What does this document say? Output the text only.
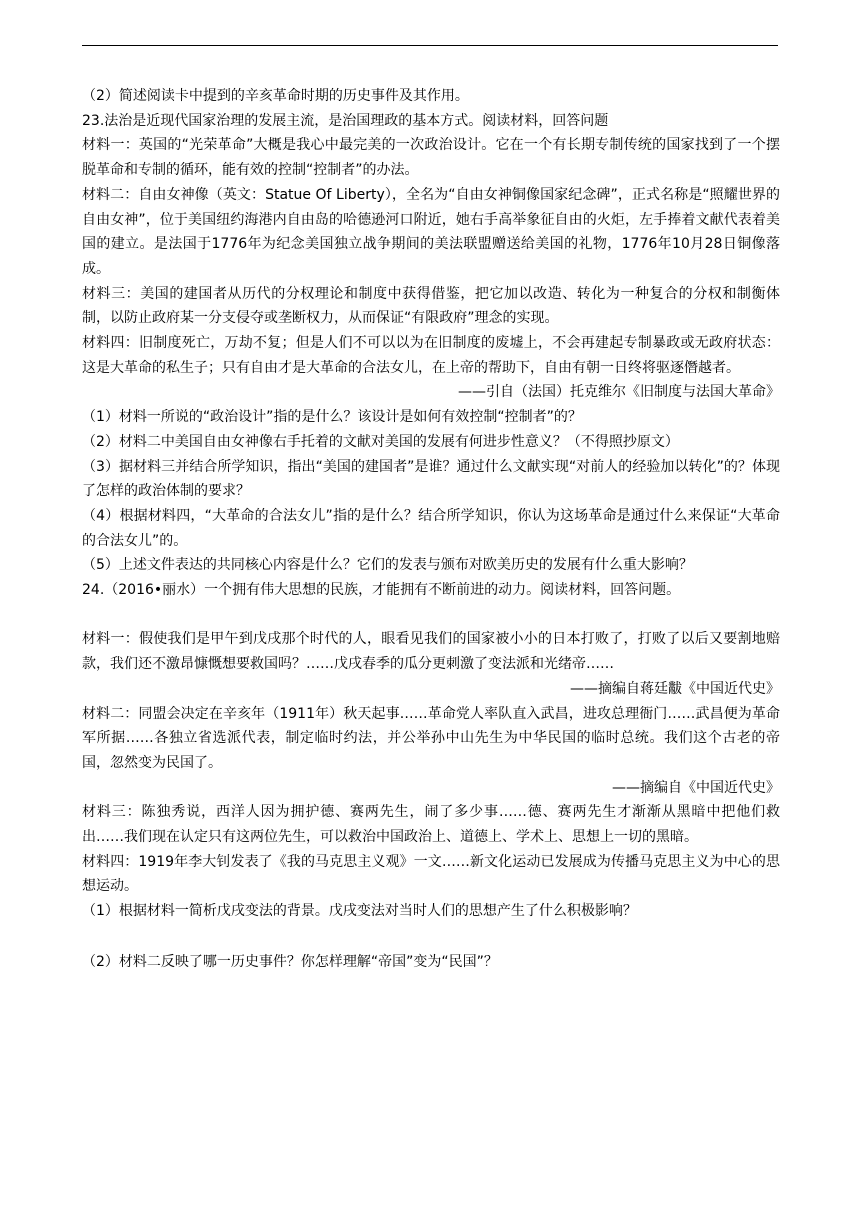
（2）简述阅读卡中提到的辛亥革命时期的历史事件及其作用。

23.法治是近现代国家治理的发展主流，是治国理政的基本方式。阅读材料，回答问题

材料一：英国的“光荣革命”大概是我心中最完美的一次政治设计。它在一个有长期专制传统的国家找到了一个摆脱革命和专制的循环，能有效的控制“控制者”的办法。

材料二：自由女神像（英文：Statue Of Liberty），全名为“自由女神铜像国家纪念碑”，正式名称是“照耀世界的自由女神”，位于美国纽约海港内自由岛的哈德逊河口附近，她右手高举象征自由的火炬，左手捧着文献代表着美国的建立。是法国于1776年为纪念美国独立战争期间的美法联盟赠送给美国的礼物，1776年10月28日铜像落成。

材料三：美国的建国者从历代的分权理论和制度中获得借鉴，把它加以改造、转化为一种复合的分权和制衡体制，以防止政府某一分支侵夺或垄断权力，从而保证“有限政府”理念的实现。

材料四：旧制度死亡，万劫不复；但是人们不可以以为在旧制度的废墟上，不会再建起专制暴政或无政府状态：这是大革命的私生子；只有自由才是大革命的合法女儿，在上帝的帮助下，自由有朝一日终将驱逐僭越者。

——引自（法国）托克维尔《旧制度与法国大革命》

（1）材料一所说的“政治设计”指的是什么？该设计是如何有效控制“控制者”的？

（2）材料二中美国自由女神像右手托着的文献对美国的发展有何进步性意义？（不得照抄原文）

（3）据材料三并结合所学知识，指出“美国的建国者”是谁？通过什么文献实现“对前人的经验加以转化”的？体现了怎样的政治体制的要求？

（4）根据材料四，“大革命的合法女儿”指的是什么？结合所学知识，你认为这场革命是通过什么来保证“大革命的合法女儿”的。

（5）上述文件表达的共同核心内容是什么？它们的发表与颁布对欧美历史的发展有什么重大影响？

24.（2016•丽水）一个拥有伟大思想的民族，才能拥有不断前进的动力。阅读材料，回答问题。

材料一：假使我们是甲午到戊戌那个时代的人，眼看见我们的国家被小小的日本打败了，打败了以后又要割地赔款，我们还不激昂慷慨想要救国吗？……戊戌春季的瓜分更刺激了变法派和光绪帝……

——摘编自蒋廷黻《中国近代史》

材料二：同盟会决定在辛亥年（1911年）秋天起事……革命党人率队直入武昌，进攻总理衙门……武昌便为革命军所据……各独立省选派代表，制定临时约法，并公举孙中山先生为中华民国的临时总统。我们这个古老的帝国，忽然变为民国了。

——摘编自《中国近代史》

材料三：陈独秀说，西洋人因为拥护德、赛两先生，闹了多少事……德、赛两先生才渐渐从黑暗中把他们救出……我们现在认定只有这两位先生，可以救治中国政治上、道德上、学术上、思想上一切的黑暗。

材料四：1919年李大钊发表了《我的马克思主义观》一文……新文化运动已发展成为传播马克思主义为中心的思想运动。

（1）根据材料一简析戊戌变法的背景。戊戌变法对当时人们的思想产生了什么积极影响？

（2）材料二反映了哪一历史事件？你怎样理解“帝国”变为“民国”？
